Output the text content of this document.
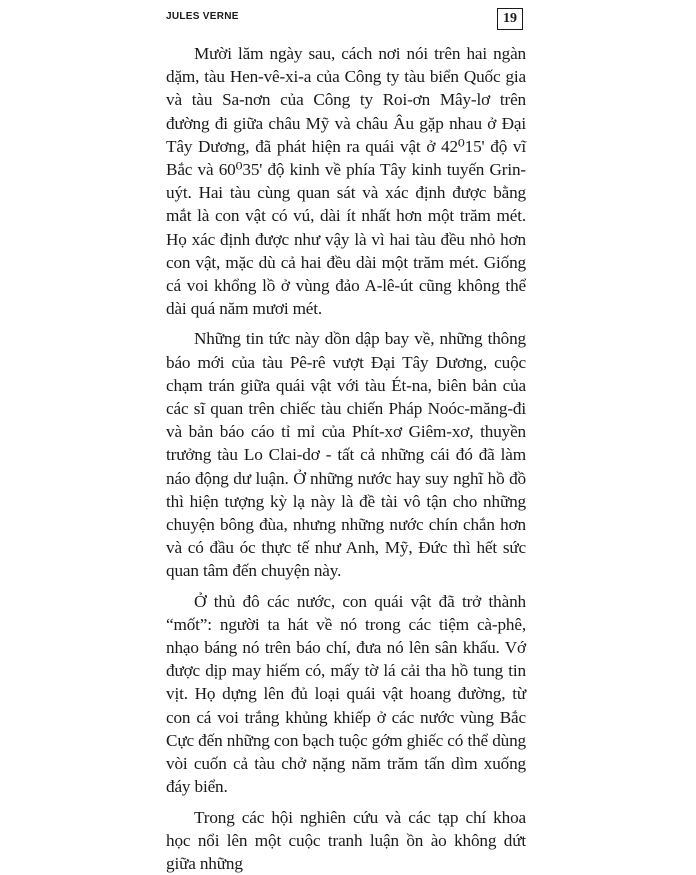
JULES VERNE	19

Mười lăm ngày sau, cách nơi nói trên hai ngàn dặm, tàu Hen-vê-xi-a của Công ty tàu biển Quốc gia và tàu Sa-nơn của Công ty Roi-ơn Mây-lơ trên đường đi giữa châu Mỹ và châu Âu gặp nhau ở Đại Tây Dương, đã phát hiện ra quái vật ở 42⁰15' độ vĩ Bắc và 60⁰35' độ kinh về phía Tây kinh tuyến Grin-uýt. Hai tàu cùng quan sát và xác định được bằng mắt là con vật có vú, dài ít nhất hơn một trăm mét. Họ xác định được như vậy là vì hai tàu đều nhỏ hơn con vật, mặc dù cả hai đều dài một trăm mét. Giống cá voi khổng lồ ở vùng đảo A-lê-út cũng không thể dài quá năm mươi mét.

Những tin tức này dồn dập bay về, những thông báo mới của tàu Pê-rê vượt Đại Tây Dương, cuộc chạm trán giữa quái vật với tàu Ét-na, biên bản của các sĩ quan trên chiếc tàu chiến Pháp Noóc-măng-đi và bản báo cáo tỉ mỉ của Phít-xơ Giêm-xơ, thuyền trưởng tàu Lo Clai-dơ - tất cả những cái đó đã làm náo động dư luận. Ở những nước hay suy nghĩ hồ đồ thì hiện tượng kỳ lạ này là đề tài vô tận cho những chuyện bông đùa, nhưng những nước chín chắn hơn và có đầu óc thực tế như Anh, Mỹ, Đức thì hết sức quan tâm đến chuyện này.

Ở thủ đô các nước, con quái vật đã trở thành “mốt”: người ta hát về nó trong các tiệm cà-phê, nhạo báng nó trên báo chí, đưa nó lên sân khấu. Vớ được dịp may hiếm có, mấy tờ lá cải tha hồ tung tin vịt. Họ dựng lên đủ loại quái vật hoang đường, từ con cá voi trắng khủng khiếp ở các nước vùng Bắc Cực đến những con bạch tuộc gớm ghiếc có thể dùng vòi cuốn cả tàu chở nặng năm trăm tấn dìm xuống đáy biển.

Trong các hội nghiên cứu và các tạp chí khoa học nổi lên một cuộc tranh luận ồn ào không dứt giữa những
